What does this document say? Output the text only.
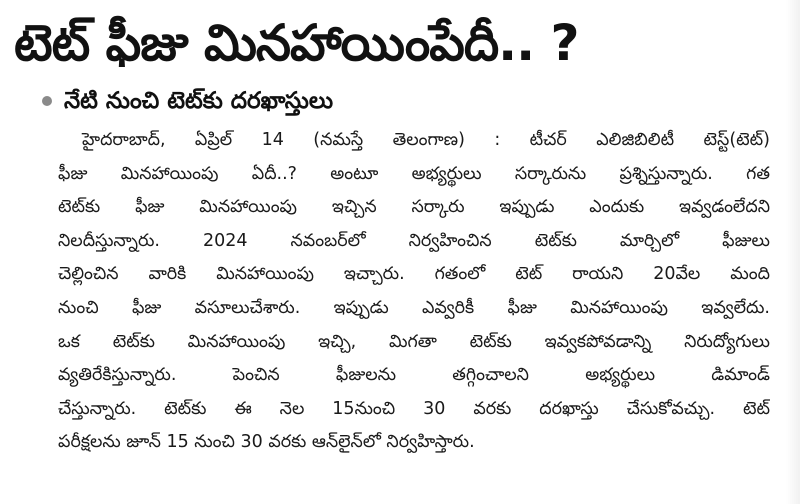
టెట్ ఫీజు మినహాయింపేదీ.. ?
నేటి నుంచి టెట్‌కు దరఖాస్తులు
హైదరాబాద్, ఏప్రిల్ 14 (నమస్తే తెలంగాణ) : టీచర్ ఎలిజిబిలిటీ టెస్ట్(టెట్)
ఫీజు మినహాయింపు ఏదీ..? అంటూ అభ్యర్థులు సర్కారును ప్రశ్నిస్తున్నారు. గత
టెట్‌కు ఫీజు మినహాయింపు ఇచ్చిన సర్కారు ఇప్పుడు ఎందుకు ఇవ్వడంలేదని
నిలదీస్తున్నారు. 2024 నవంబర్‌లో నిర్వహించిన టెట్‌కు మార్చిలో ఫీజులు
చెల్లించిన వారికి మినహాయింపు ఇచ్చారు. గతంలో టెట్ రాయని 20వేల మంది
నుంచి ఫీజు వసూలుచేశారు. ఇప్పుడు ఎవ్వరికీ ఫీజు మినహాయింపు ఇవ్వలేదు.
ఒక టెట్‌కు మినహాయింపు ఇచ్చి, మిగతా టెట్‌కు ఇవ్వకపోవడాన్ని నిరుద్యోగులు
వ్యతిరేకిస్తున్నారు. పెంచిన ఫీజులను తగ్గించాలని అభ్యర్థులు డిమాండ్
చేస్తున్నారు. టెట్‌కు ఈ నెల 15నుంచి 30 వరకు దరఖాస్తు చేసుకోవచ్చు. టెట్
పరీక్షలను జూన్ 15 నుంచి 30 వరకు ఆన్‌లైన్‌లో నిర్వహిస్తారు.
